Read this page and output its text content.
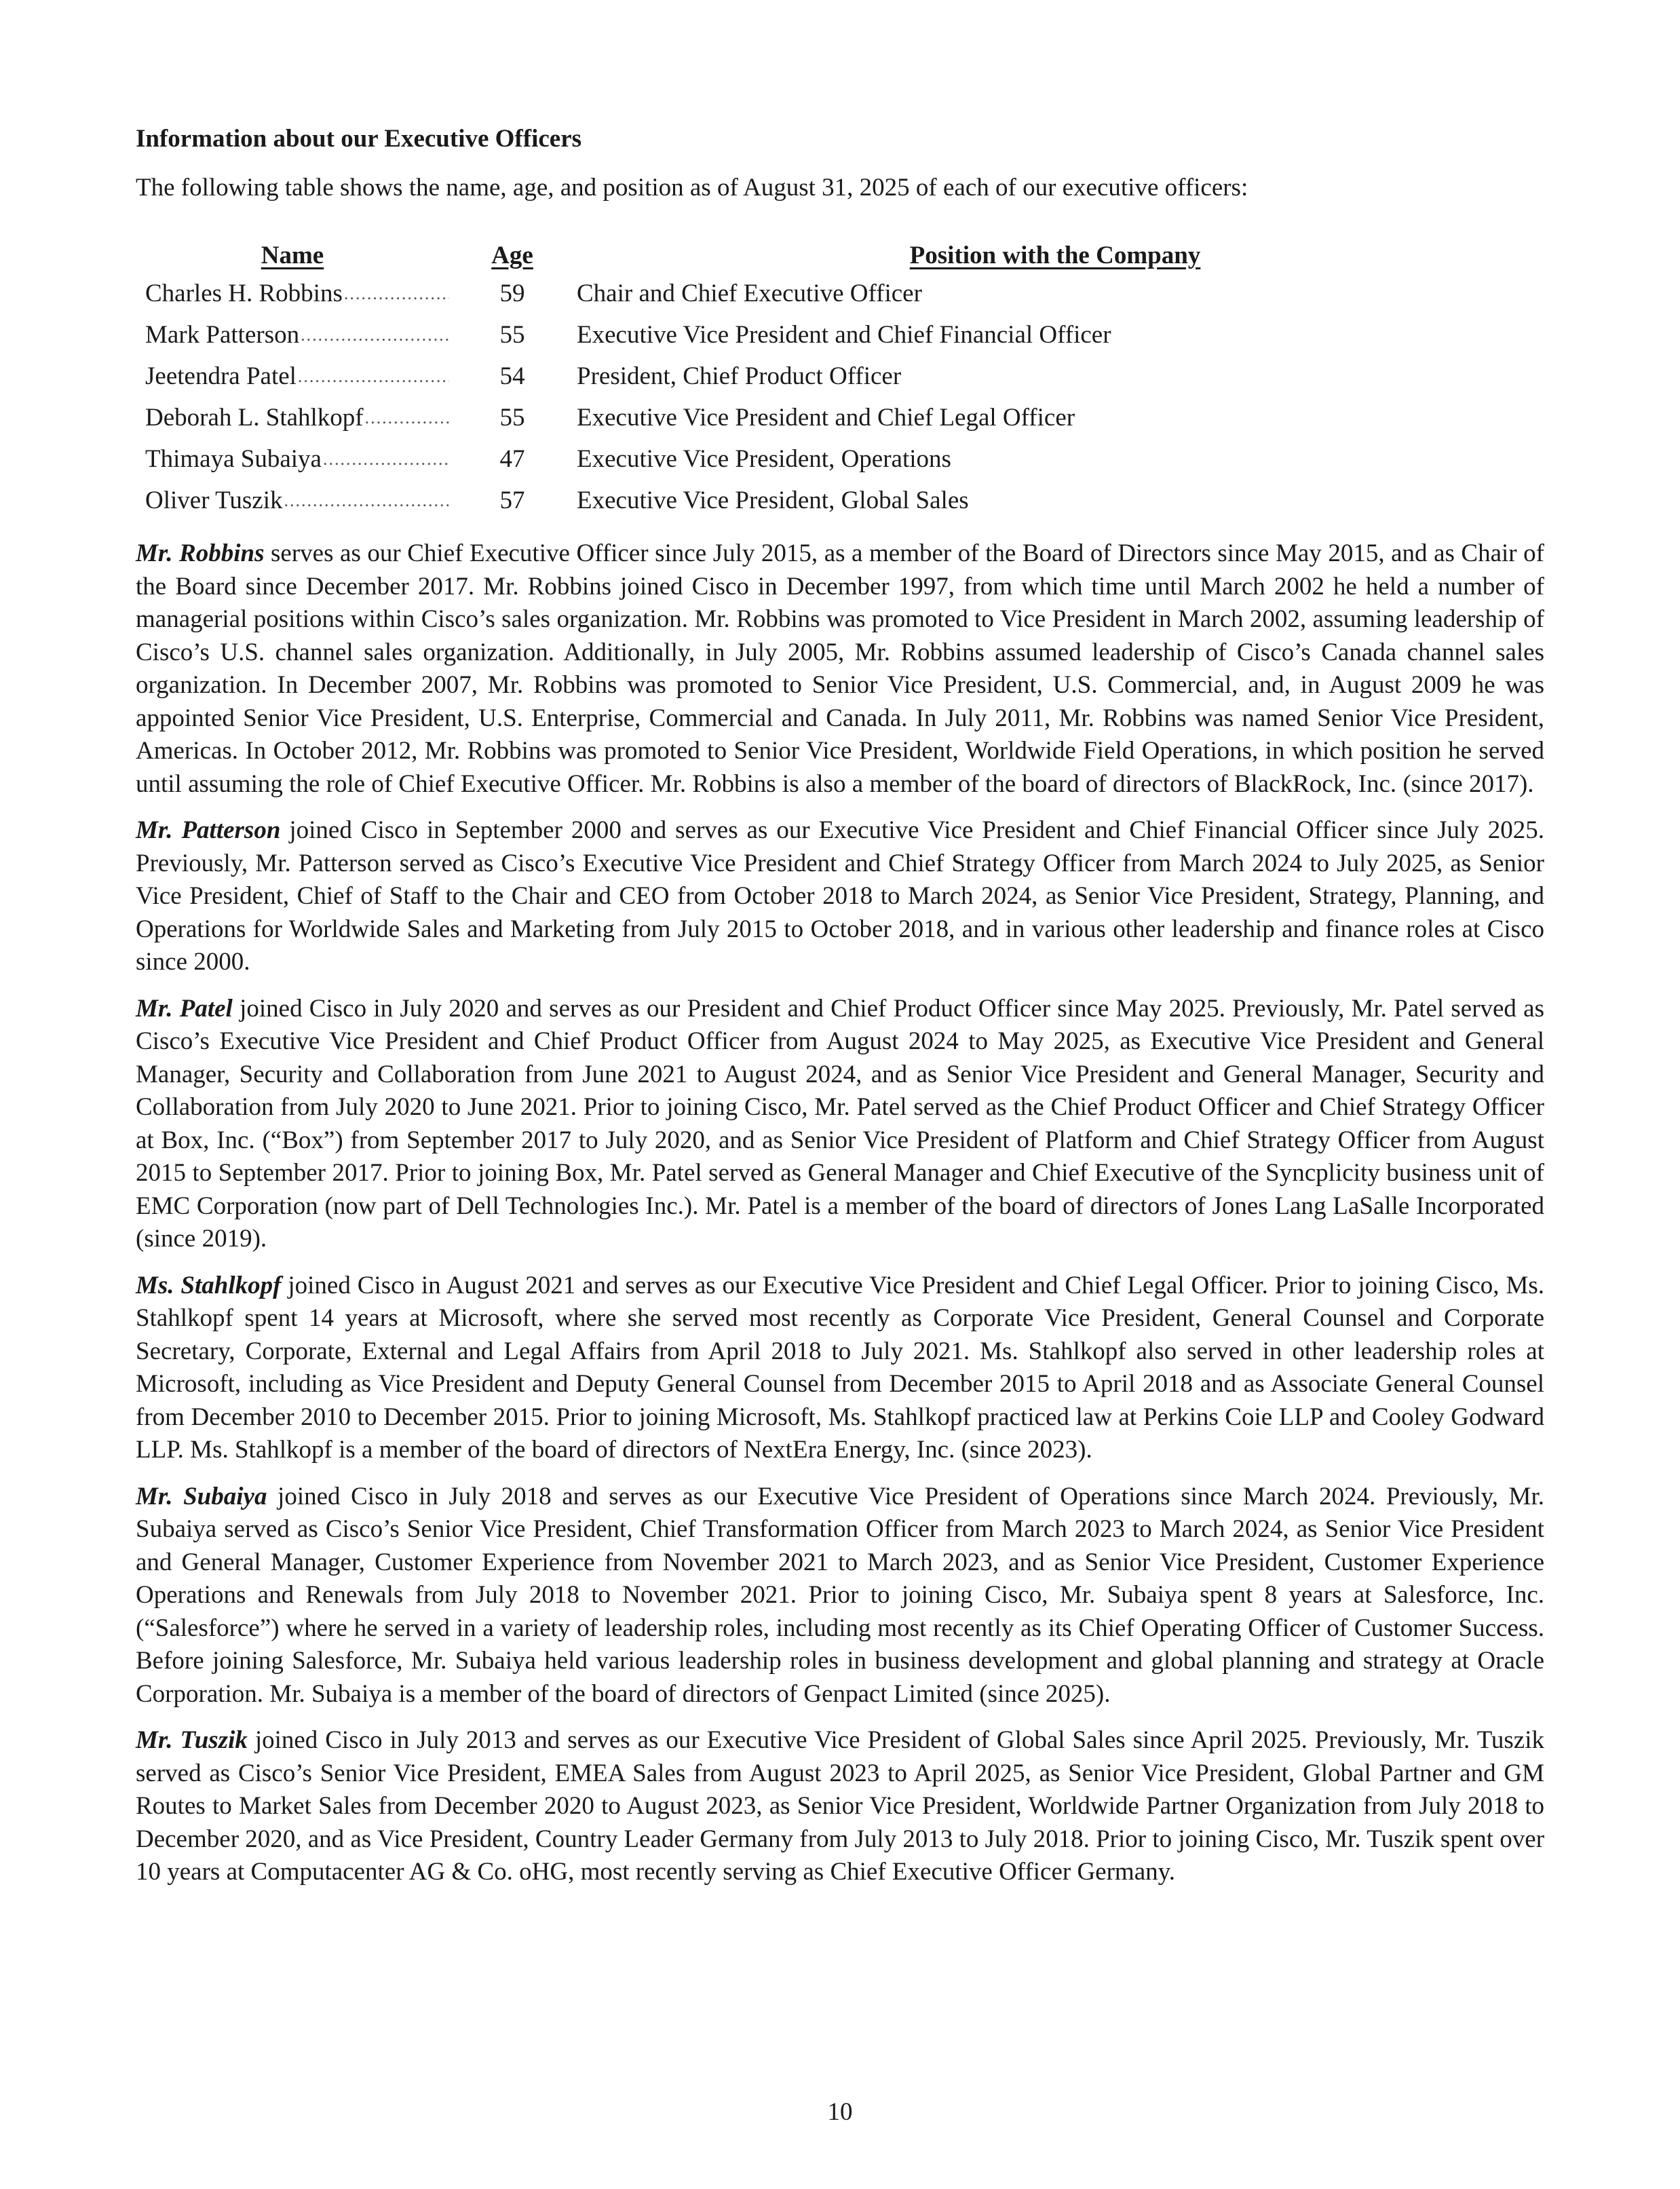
Information about our Executive Officers

The following table shows the name, age, and position as of August 31, 2025 of each of our executive officers:

Name	Age	Position with the Company
Charles H. Robbins .....	59	Chair and Chief Executive Officer
Mark Patterson .....	55	Executive Vice President and Chief Financial Officer
Jeetendra Patel .....	54	President, Chief Product Officer
Deborah L. Stahlkopf .....	55	Executive Vice President and Chief Legal Officer
Thimaya Subaiya .....	47	Executive Vice President, Operations
Oliver Tuszik .....	57	Executive Vice President, Global Sales

Mr. Robbins serves as our Chief Executive Officer since July 2015, as a member of the Board of Directors since May 2015, and as Chair of the Board since December 2017. Mr. Robbins joined Cisco in December 1997, from which time until March 2002 he held a number of managerial positions within Cisco’s sales organization. Mr. Robbins was promoted to Vice President in March 2002, assuming leadership of Cisco’s U.S. channel sales organization. Additionally, in July 2005, Mr. Robbins assumed leadership of Cisco’s Canada channel sales organization. In December 2007, Mr. Robbins was promoted to Senior Vice President, U.S. Commercial, and, in August 2009 he was appointed Senior Vice President, U.S. Enterprise, Commercial and Canada. In July 2011, Mr. Robbins was named Senior Vice President, Americas. In October 2012, Mr. Robbins was promoted to Senior Vice President, Worldwide Field Operations, in which position he served until assuming the role of Chief Executive Officer. Mr. Robbins is also a member of the board of directors of BlackRock, Inc. (since 2017).

Mr. Patterson joined Cisco in September 2000 and serves as our Executive Vice President and Chief Financial Officer since July 2025. Previously, Mr. Patterson served as Cisco’s Executive Vice President and Chief Strategy Officer from March 2024 to July 2025, as Senior Vice President, Chief of Staff to the Chair and CEO from October 2018 to March 2024, as Senior Vice President, Strategy, Planning, and Operations for Worldwide Sales and Marketing from July 2015 to October 2018, and in various other leadership and finance roles at Cisco since 2000.

Mr. Patel joined Cisco in July 2020 and serves as our President and Chief Product Officer since May 2025. Previously, Mr. Patel served as Cisco’s Executive Vice President and Chief Product Officer from August 2024 to May 2025, as Executive Vice President and General Manager, Security and Collaboration from June 2021 to August 2024, and as Senior Vice President and General Manager, Security and Collaboration from July 2020 to June 2021. Prior to joining Cisco, Mr. Patel served as the Chief Product Officer and Chief Strategy Officer at Box, Inc. (“Box”) from September 2017 to July 2020, and as Senior Vice President of Platform and Chief Strategy Officer from August 2015 to September 2017. Prior to joining Box, Mr. Patel served as General Manager and Chief Executive of the Syncplicity business unit of EMC Corporation (now part of Dell Technologies Inc.). Mr. Patel is a member of the board of directors of Jones Lang LaSalle Incorporated (since 2019).

Ms. Stahlkopf joined Cisco in August 2021 and serves as our Executive Vice President and Chief Legal Officer. Prior to joining Cisco, Ms. Stahlkopf spent 14 years at Microsoft, where she served most recently as Corporate Vice President, General Counsel and Corporate Secretary, Corporate, External and Legal Affairs from April 2018 to July 2021. Ms. Stahlkopf also served in other leadership roles at Microsoft, including as Vice President and Deputy General Counsel from December 2015 to April 2018 and as Associate General Counsel from December 2010 to December 2015. Prior to joining Microsoft, Ms. Stahlkopf practiced law at Perkins Coie LLP and Cooley Godward LLP. Ms. Stahlkopf is a member of the board of directors of NextEra Energy, Inc. (since 2023).

Mr. Subaiya joined Cisco in July 2018 and serves as our Executive Vice President of Operations since March 2024. Previously, Mr. Subaiya served as Cisco’s Senior Vice President, Chief Transformation Officer from March 2023 to March 2024, as Senior Vice President and General Manager, Customer Experience from November 2021 to March 2023, and as Senior Vice President, Customer Experience Operations and Renewals from July 2018 to November 2021. Prior to joining Cisco, Mr. Subaiya spent 8 years at Salesforce, Inc. (“Salesforce”) where he served in a variety of leadership roles, including most recently as its Chief Operating Officer of Customer Success. Before joining Salesforce, Mr. Subaiya held various leadership roles in business development and global planning and strategy at Oracle Corporation. Mr. Subaiya is a member of the board of directors of Genpact Limited (since 2025).

Mr. Tuszik joined Cisco in July 2013 and serves as our Executive Vice President of Global Sales since April 2025. Previously, Mr. Tuszik served as Cisco’s Senior Vice President, EMEA Sales from August 2023 to April 2025, as Senior Vice President, Global Partner and GM Routes to Market Sales from December 2020 to August 2023, as Senior Vice President, Worldwide Partner Organization from July 2018 to December 2020, and as Vice President, Country Leader Germany from July 2013 to July 2018. Prior to joining Cisco, Mr. Tuszik spent over 10 years at Computacenter AG & Co. oHG, most recently serving as Chief Executive Officer Germany.

10
